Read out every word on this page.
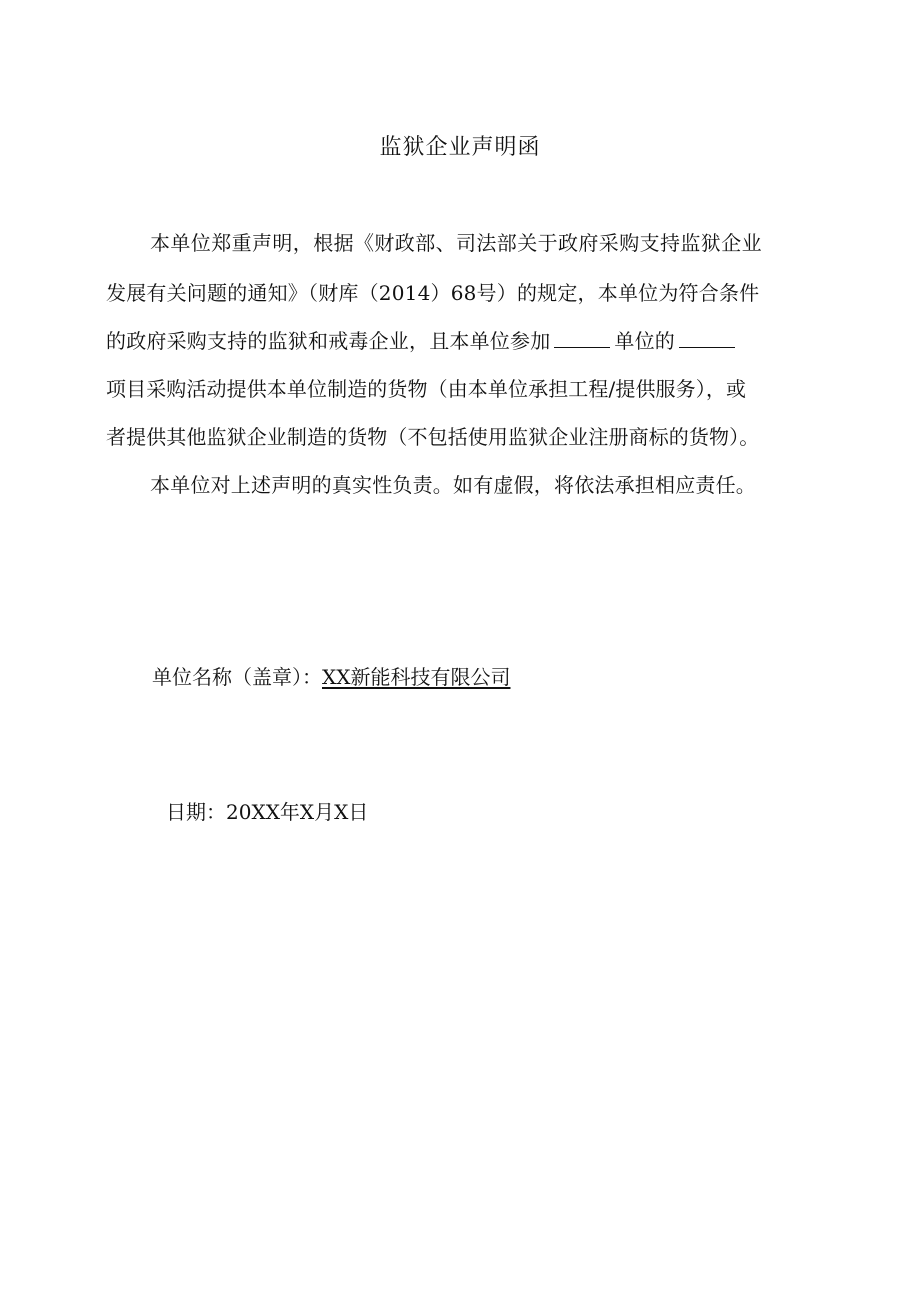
监狱企业声明函
本单位郑重声明，根据《财政部、司法部关于政府采购支持监狱企业
发展有关问题的通知》（财库（2014）68号）的规定，本单位为符合条件
的政府采购支持的监狱和戒毒企业，且本单位参加	单位的
项目采购活动提供本单位制造的货物（由本单位承担工程/提供服务），或
者提供其他监狱企业制造的货物（不包括使用监狱企业注册商标的货物）。
本单位对上述声明的真实性负责。如有虚假，将依法承担相应责任。
单位名称（盖章）：XX新能科技有限公司
日期：20XX年X月X日
